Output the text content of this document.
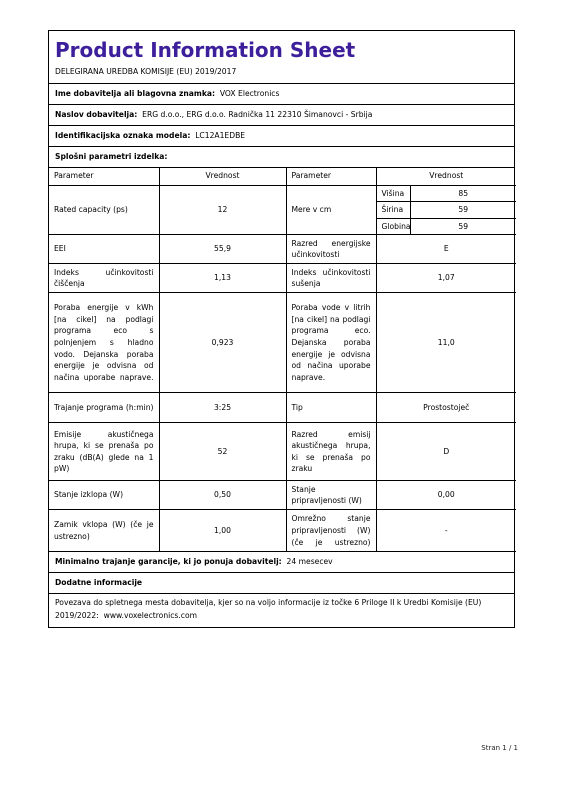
Product Information Sheet
DELEGIRANA UREDBA KOMISIJE (EU) 2019/2017
Ime dobavitelja ali blagovna znamka: VOX Electronics
Naslov dobavitelja: ERG d.o.o., ERG d.o.o. Radnička 11 22310 Šimanovci - Srbija
Identifikacijska oznaka modela: LC12A1EDBE
Splošni parametri izdelka:
Parameter	Vrednost	Parameter	Vrednost	
Rated capacity (ps)	12	Mere v cm	Višina	85
			Širina	59
			Globina	59
EEI	55,9	Razred energijske učinkovitosti	E	
Indeks učinkovitosti čiščenja	1,13	Indeks učinkovitosti sušenja	1,07	
Poraba energije v kWh [na cikel] na podlagi programa eco s polnjenjem s hladno vodo. Dejanska poraba energije je odvisna od načina uporabe naprave.	0,923	Poraba vode v litrih [na cikel] na podlagi programa eco. Dejanska poraba energije je odvisna od načina uporabe naprave.	11,0	
Trajanje programa (h:min)	3:25	Tip	Prostostoječ	
Emisije akustičnega hrupa, ki se prenaša po zraku (dB(A) glede na 1 pW)	52	Razred emisij akustičnega hrupa, ki se prenaša po zraku	D	
Stanje izklopa (W)	0,50	Stanje pripravljenosti (W)	0,00	
Zamik vklopa (W) (če je ustrezno)	1,00	Omrežno stanje pripravljenosti (W) (če je ustrezno)	-	
Minimalno trajanje garancije, ki jo ponuja dobavitelj: 24 mesecev
Dodatne informacije
Povezava do spletnega mesta dobavitelja, kjer so na voljo informacije iz točke 6 Priloge II k Uredbi Komisije (EU) 2019/2022: www.voxelectronics.com
Stran 1 / 1
